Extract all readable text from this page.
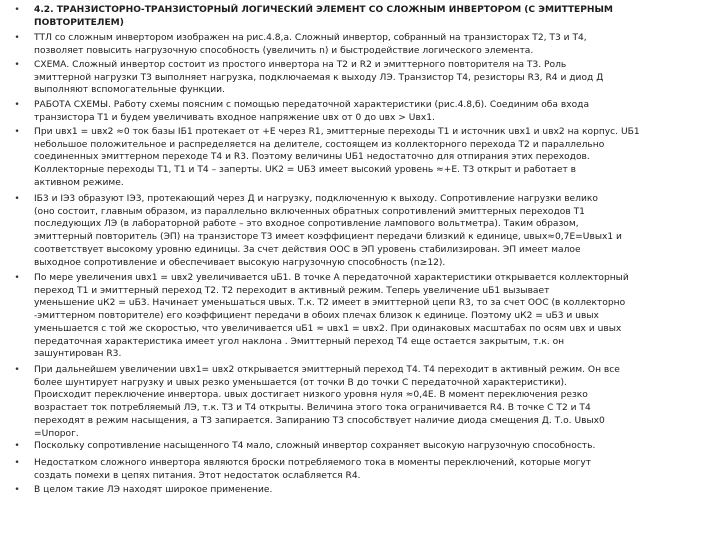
• 4.2. ТРАНЗИСТОРНО-ТРАНЗИСТОРНЫЙ ЛОГИЧЕСКИЙ ЭЛЕМЕНТ СО СЛОЖНЫМ ИНВЕРТОРОМ (С ЭМИТТЕРНЫМ
ПОВТОРИТЕЛЕМ)

• ТТЛ со сложным инвертором изображен на рис.4.8,а. Сложный инвертор, собранный на транзисторах Т2, Т3 и Т4,
позволяет повысить нагрузочную способность (увеличить n) и быстродействие логического элемента.

• СХЕМА. Сложный инвертор состоит из простого инвертора на Т2 и R2 и эмиттерного повторителя на Т3. Роль
эмиттерной нагрузки Т3 выполняет нагрузка, подключаемая к выходу ЛЭ. Транзистор Т4, резисторы R3, R4 и диод Д
выполняют вспомогательные функции.

• РАБОТА СХЕМЫ. Работу схемы поясним с помощью передаточной характеристики (рис.4.8,б). Соединим оба входа
транзистора Т1 и будем увеличивать входное напряжение uвх от 0 до uвх > Uвх1.

• При uвх1 = uвх2 ≈0 ток базы IБ1 протекает от +E через R1, эмиттерные переходы Т1 и источник uвх1 и uвх2 на корпус. UБ1
небольшое положительное и распределяется на делителе, состоящем из коллекторного перехода Т2 и параллельно
соединенных эмиттерном переходе Т4 и R3. Поэтому величины UБ1 недостаточно для отпирания этих переходов.
Коллекторные переходы Т1, Т1 и Т4 – заперты. UК2 = UБ3 имеет высокий уровень ≈+E. Т3 открыт и работает в
активном режиме.

• IБ3 и IЭ3 образуют IЭ3, протекающий через Д и нагрузку, подключенную к выходу. Сопротивление нагрузки велико
(оно состоит, главным образом, из параллельно включенных обратных сопротивлений эмиттерных переходов Т1
последующих ЛЭ (в лабораторной работе – это входное сопротивление лампового вольтметра). Таким образом,
эмиттерный повторитель (ЭП) на транзисторе Т3 имеет коэффициент передачи близкий к единице, uвых≈0,7E=Uвых1 и
соответствует высокому уровню единицы. За счет действия ООС в ЭП уровень стабилизирован. ЭП имеет малое
выходное сопротивление и обеспечивает высокую нагрузочную способность (n≥12).

• По мере увеличения uвх1 = uвх2 увеличивается uБ1. В точке А передаточной характеристики открывается коллекторный
переход Т1 и эмиттерный переход Т2. Т2 переходит в активный режим. Теперь увеличение uБ1 вызывает
уменьшение uК2 = uБ3. Начинает уменьшаться uвых. Т.к. Т2 имеет в эмиттерной цепи R3, то за счет ООС (в коллекторно
-эмиттерном повторителе) его коэффициент передачи в обоих плечах близок к единице. Поэтому uК2 = uБ3 и uвых
уменьшается с той же скоростью, что увеличивается uБ1 ≈ uвх1 = uвх2. При одинаковых масштабах по осям uвх и uвых
передаточная характеристика имеет угол наклона . Эмиттерный переход Т4 еще остается закрытым, т.к. он
зашунтирован R3.

• При дальнейшем увеличении uвх1= uвх2 открывается эмиттерный переход Т4. Т4 переходит в активный режим. Он все
более шунтирует нагрузку и uвых резко уменьшается (от точки В до точки С передаточной характеристики).
Происходит переключение инвертора. uвых достигает низкого уровня нуля ≈0,4E. В момент переключения резко
возрастает ток потребляемый ЛЭ, т.к. Т3 и Т4 открыты. Величина этого тока ограничивается R4. В точке С Т2 и Т4
переходят в режим насыщения, а Т3 запирается. Запиранию Т3 способствует наличие диода смещения Д. Т.о. Uвых0
=Uпорог.

• Поскольку сопротивление насыщенного Т4 мало, сложный инвертор сохраняет высокую нагрузочную способность.

• Недостатком сложного инвертора являются броски потребляемого тока в моменты переключений, которые могут
создать помехи в цепях питания. Этот недостаток ослабляется R4.

• В целом такие ЛЭ находят широкое применение.
